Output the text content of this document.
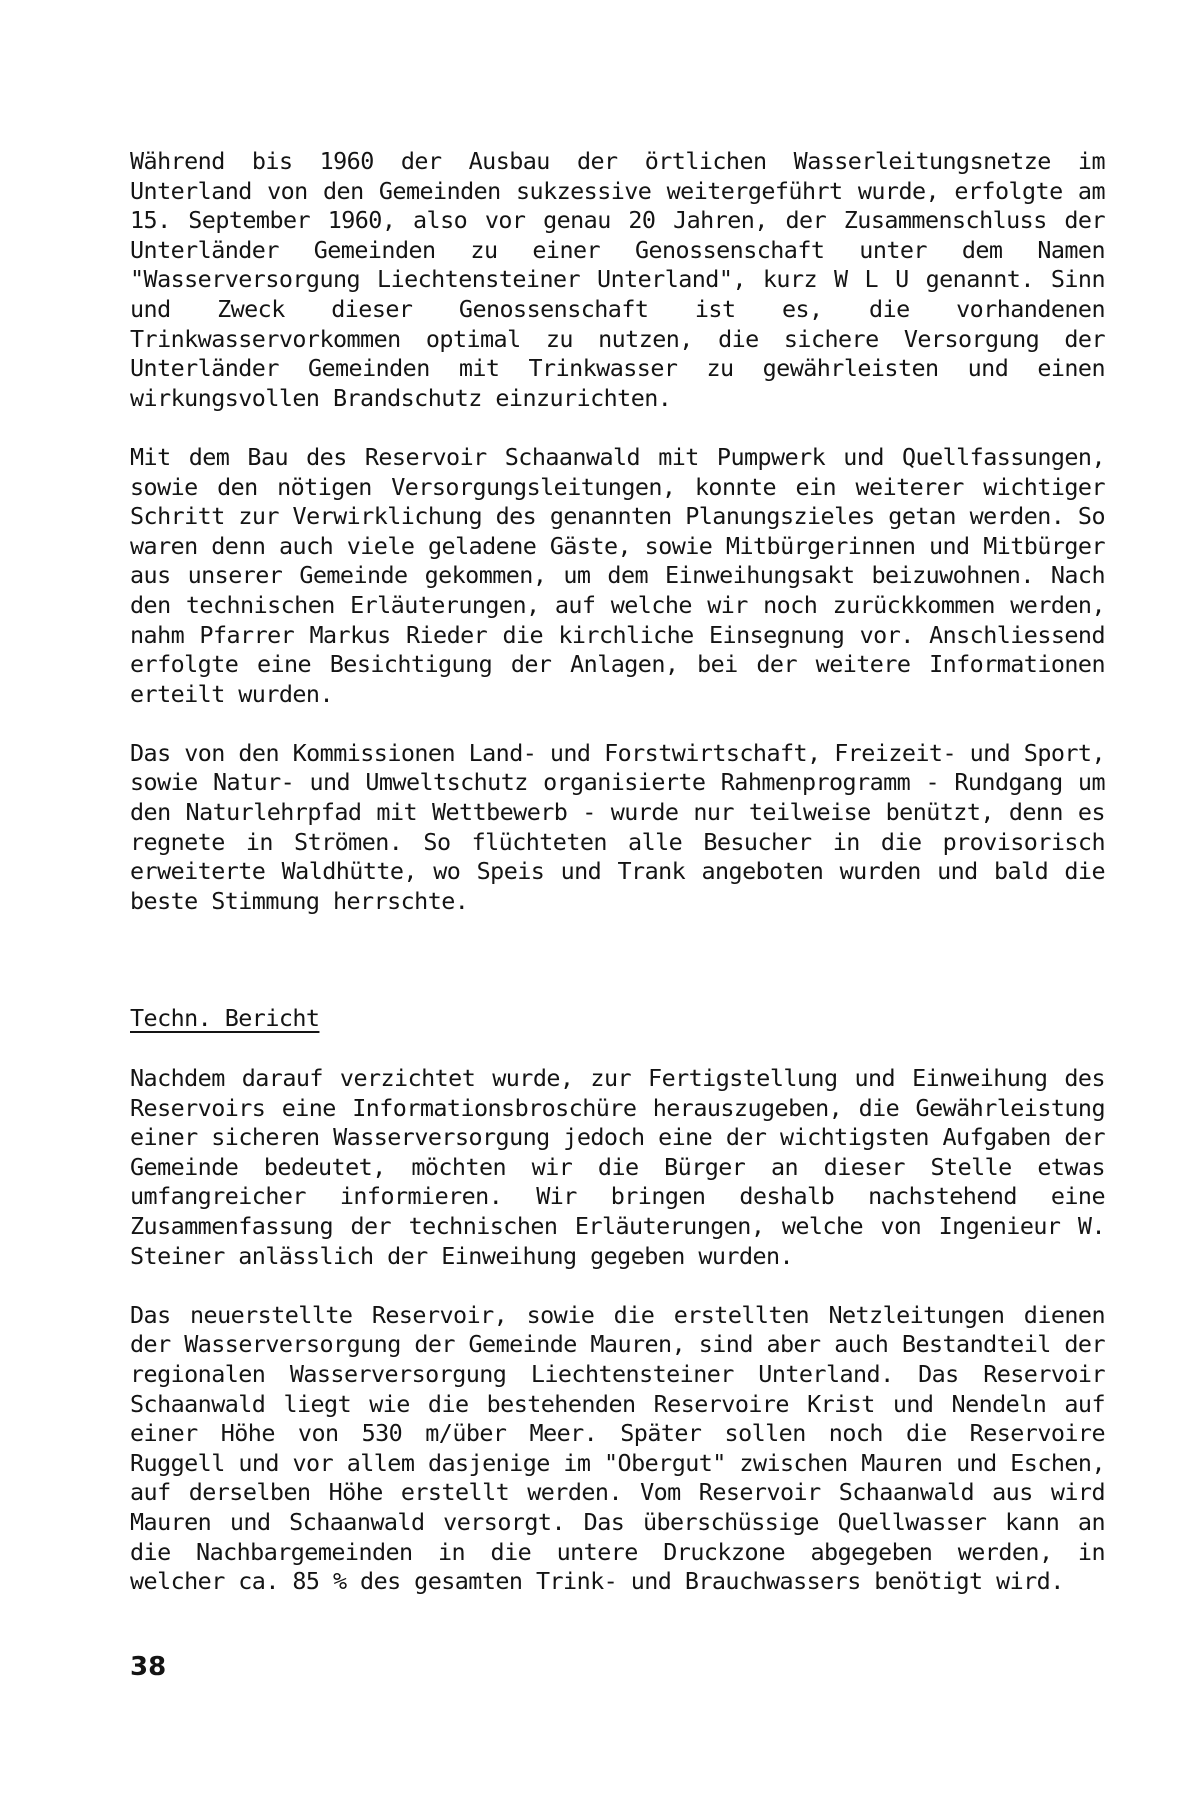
Während bis 1960 der Ausbau der örtlichen Wasserleitungsnetze im Unterland von den Gemeinden sukzessive weitergeführt wurde, erfolgte am 15. September 1960, also vor genau 20 Jahren, der Zusammenschluss der Unterländer Gemeinden zu einer Genossenschaft unter dem Namen "Wasserversorgung Liechtensteiner Unterland", kurz W L U genannt. Sinn und Zweck dieser Genossenschaft ist es, die vorhandenen Trinkwasservorkommen optimal zu nutzen, die sichere Versorgung der Unterländer Gemeinden mit Trinkwasser zu gewährleisten und einen wirkungsvollen Brandschutz einzurichten.

Mit dem Bau des Reservoir Schaanwald mit Pumpwerk und Quellfassungen, sowie den nötigen Versorgungsleitungen, konnte ein weiterer wichtiger Schritt zur Verwirklichung des genannten Planungszieles getan werden. So waren denn auch viele geladene Gäste, sowie Mitbürgerinnen und Mitbürger aus unserer Gemeinde gekommen, um dem Einweihungsakt beizuwohnen. Nach den technischen Erläuterungen, auf welche wir noch zurückkommen werden, nahm Pfarrer Markus Rieder die kirchliche Einsegnung vor. Anschliessend erfolgte eine Besichtigung der Anlagen, bei der weitere Informationen erteilt wurden.

Das von den Kommissionen Land- und Forstwirtschaft, Freizeit- und Sport, sowie Natur- und Umweltschutz organisierte Rahmenprogramm - Rundgang um den Naturlehrpfad mit Wettbewerb - wurde nur teilweise benützt, denn es regnete in Strömen. So flüchteten alle Besucher in die provisorisch erweiterte Waldhütte, wo Speis und Trank angeboten wurden und bald die beste Stimmung herrschte.

Techn. Bericht

Nachdem darauf verzichtet wurde, zur Fertigstellung und Einweihung des Reservoirs eine Informationsbroschüre herauszugeben, die Gewährleistung einer sicheren Wasserversorgung jedoch eine der wichtigsten Aufgaben der Gemeinde bedeutet, möchten wir die Bürger an dieser Stelle etwas umfangreicher informieren. Wir bringen deshalb nachstehend eine Zusammenfassung der technischen Erläuterungen, welche von Ingenieur W. Steiner anlässlich der Einweihung gegeben wurden.

Das neuerstellte Reservoir, sowie die erstellten Netzleitungen dienen der Wasserversorgung der Gemeinde Mauren, sind aber auch Bestandteil der regionalen Wasserversorgung Liechtensteiner Unterland. Das Reservoir Schaanwald liegt wie die bestehenden Reservoire Krist und Nendeln auf einer Höhe von 530 m/über Meer. Später sollen noch die Reservoire Ruggell und vor allem dasjenige im "Obergut" zwischen Mauren und Eschen, auf derselben Höhe erstellt werden. Vom Reservoir Schaanwald aus wird Mauren und Schaanwald versorgt. Das überschüssige Quellwasser kann an die Nachbargemeinden in die untere Druckzone abgegeben werden, in welcher ca. 85 % des gesamten Trink- und Brauchwassers benötigt wird.

38
